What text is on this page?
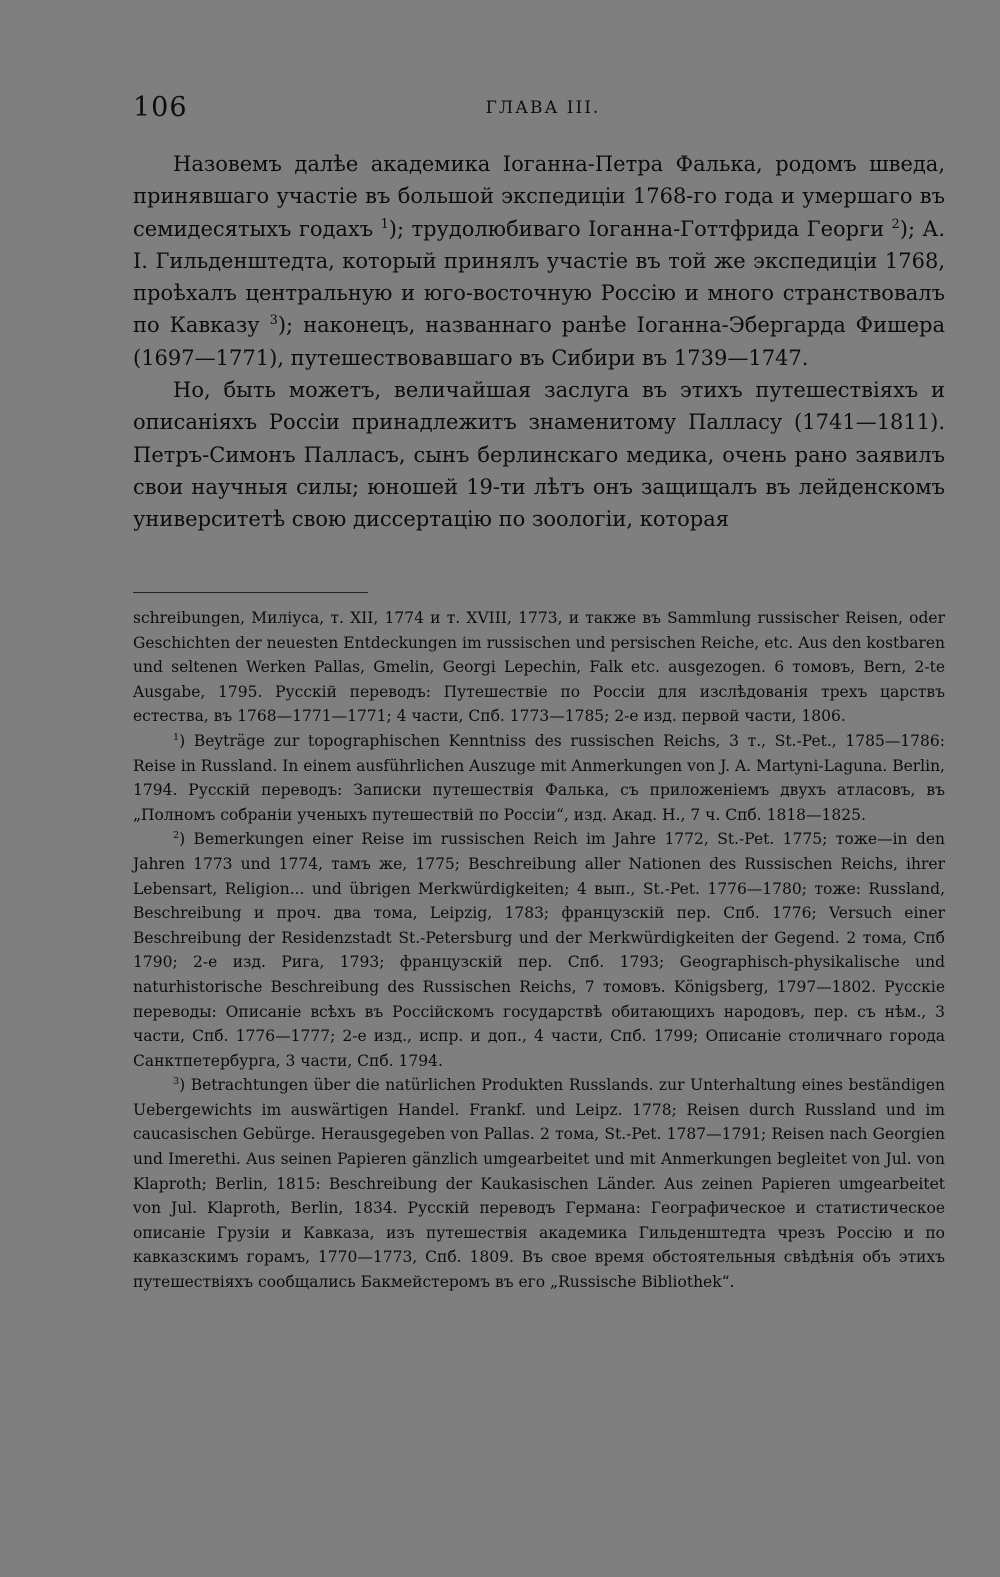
106	ГЛАВА III.

Назовемъ далѣе академика Іоганна-Петра Фалька, родомъ шведа, принявшаго участіе въ большой экспедиціи 1768-го года и умершаго въ семидесятыхъ годахъ $^1$); трудолюбиваго Іоганна-Готтфрида Георги $^2$); А. І. Гильденштедта, который принялъ участіе въ той же экспедиціи 1768, проѣхалъ центральную и юго-восточную Россію и много странствовалъ по Кавказу $^3$); наконецъ, названнаго ранѣе Іоганна-Эбергарда Фишера (1697—1771), путешествовавшаго въ Сибири въ 1739—1747.

Но, быть можетъ, величайшая заслуга въ этихъ путешествіяхъ и описаніяхъ Россіи принадлежитъ знаменитому Палласу (1741—1811). Петръ-Симонъ Палласъ, сынъ берлинскаго медика, очень рано заявилъ свои научныя силы; юношей 19-ти лѣтъ онъ защищалъ въ лейденскомъ университетѣ свою диссертацію по зоологіи, которая

schreibungen, Миліуса, т. XII, 1774 и т. XVIII, 1773, и также въ Sammlung russischer Reisen, oder Geschichten der neuesten Entdeckungen im russischen und persischen Reiche, etc. Aus den kostbaren und seltenen Werken Pallas, Gmelin, Georgi Lepechin, Falk etc. ausgezogen. 6 томовъ, Bern, 2-te Ausgabe, 1795. Русскій переводъ: Путешествіе по Россіи для изслѣдованія трехъ царствъ естества, въ 1768—1771—1771; 4 части, Спб. 1773—1785; 2-е изд. первой части, 1806.

$^1$) Beyträge zur topographischen Kenntniss des russischen Reichs, 3 т., St.-Pet., 1785—1786: Reise in Russland. In einem ausführlichen Auszuge mit Anmerkungen von J. A. Martyni-Laguna. Berlin, 1794. Русскій переводъ: Записки путешествія Фалька, съ приложеніемъ двухъ атласовъ, въ „Полномъ собраніи ученыхъ путешествій по Россіи“, изд. Акад. Н., 7 ч. Спб. 1818—1825.

$^2$) Bemerkungen einer Reise im russischen Reich im Jahre 1772, St.-Pet. 1775; тоже—in den Jahren 1773 und 1774, тамъ же, 1775; Beschreibung aller Nationen des Russischen Reichs, ihrer Lebensart, Religion... und übrigen Merkwürdigkeiten; 4 вып., St.-Pet. 1776—1780; тоже: Russland, Beschreibung и проч. два тома, Leipzig, 1783; французскій пер. Спб. 1776; Versuch einer Beschreibung der Residenzstadt St.-Petersburg und der Merkwürdigkeiten der Gegend. 2 тома, Спб 1790; 2-е изд. Рига, 1793; французскій пер. Спб. 1793; Geographisch-physikalische und naturhistorische Beschreibung des Russischen Reichs, 7 томовъ. Königsberg, 1797—1802. Русскіе переводы: Описаніе всѣхъ въ Россійскомъ государствѣ обитающихъ народовъ, пер. съ нѣм., 3 части, Спб. 1776—1777; 2-е изд., испр. и доп., 4 части, Спб. 1799; Описаніе столичнаго города Санктпетербурга, 3 части, Спб. 1794.

$^3$) Betrachtungen über die natürlichen Produkten Russlands. zur Unterhaltung eines beständigen Uebergewichts im auswärtigen Handel. Frankf. und Leipz. 1778; Reisen durch Russland und im caucasischen Gebürge. Herausgegeben von Pallas. 2 тома, St.-Pet. 1787—1791; Reisen nach Georgien und Imerethi. Aus seinen Papieren gänzlich umgearbeitet und mit Anmerkungen begleitet von Jul. von Klaproth; Berlin, 1815: Beschreibung der Kaukasischen Länder. Aus zeinen Papieren umgearbeitet von Jul. Klaproth, Berlin, 1834. Русскій переводъ Германа: Географическое и статистическое описаніе Грузіи и Кавказа, изъ путешествія академика Гильденштедта чрезъ Россію и по кавказскимъ горамъ, 1770—1773, Спб. 1809. Въ свое время обстоятельныя свѣдѣнія объ этихъ путешествіяхъ сообщались Бакмейстеромъ въ его „Russische Bibliothek“.
